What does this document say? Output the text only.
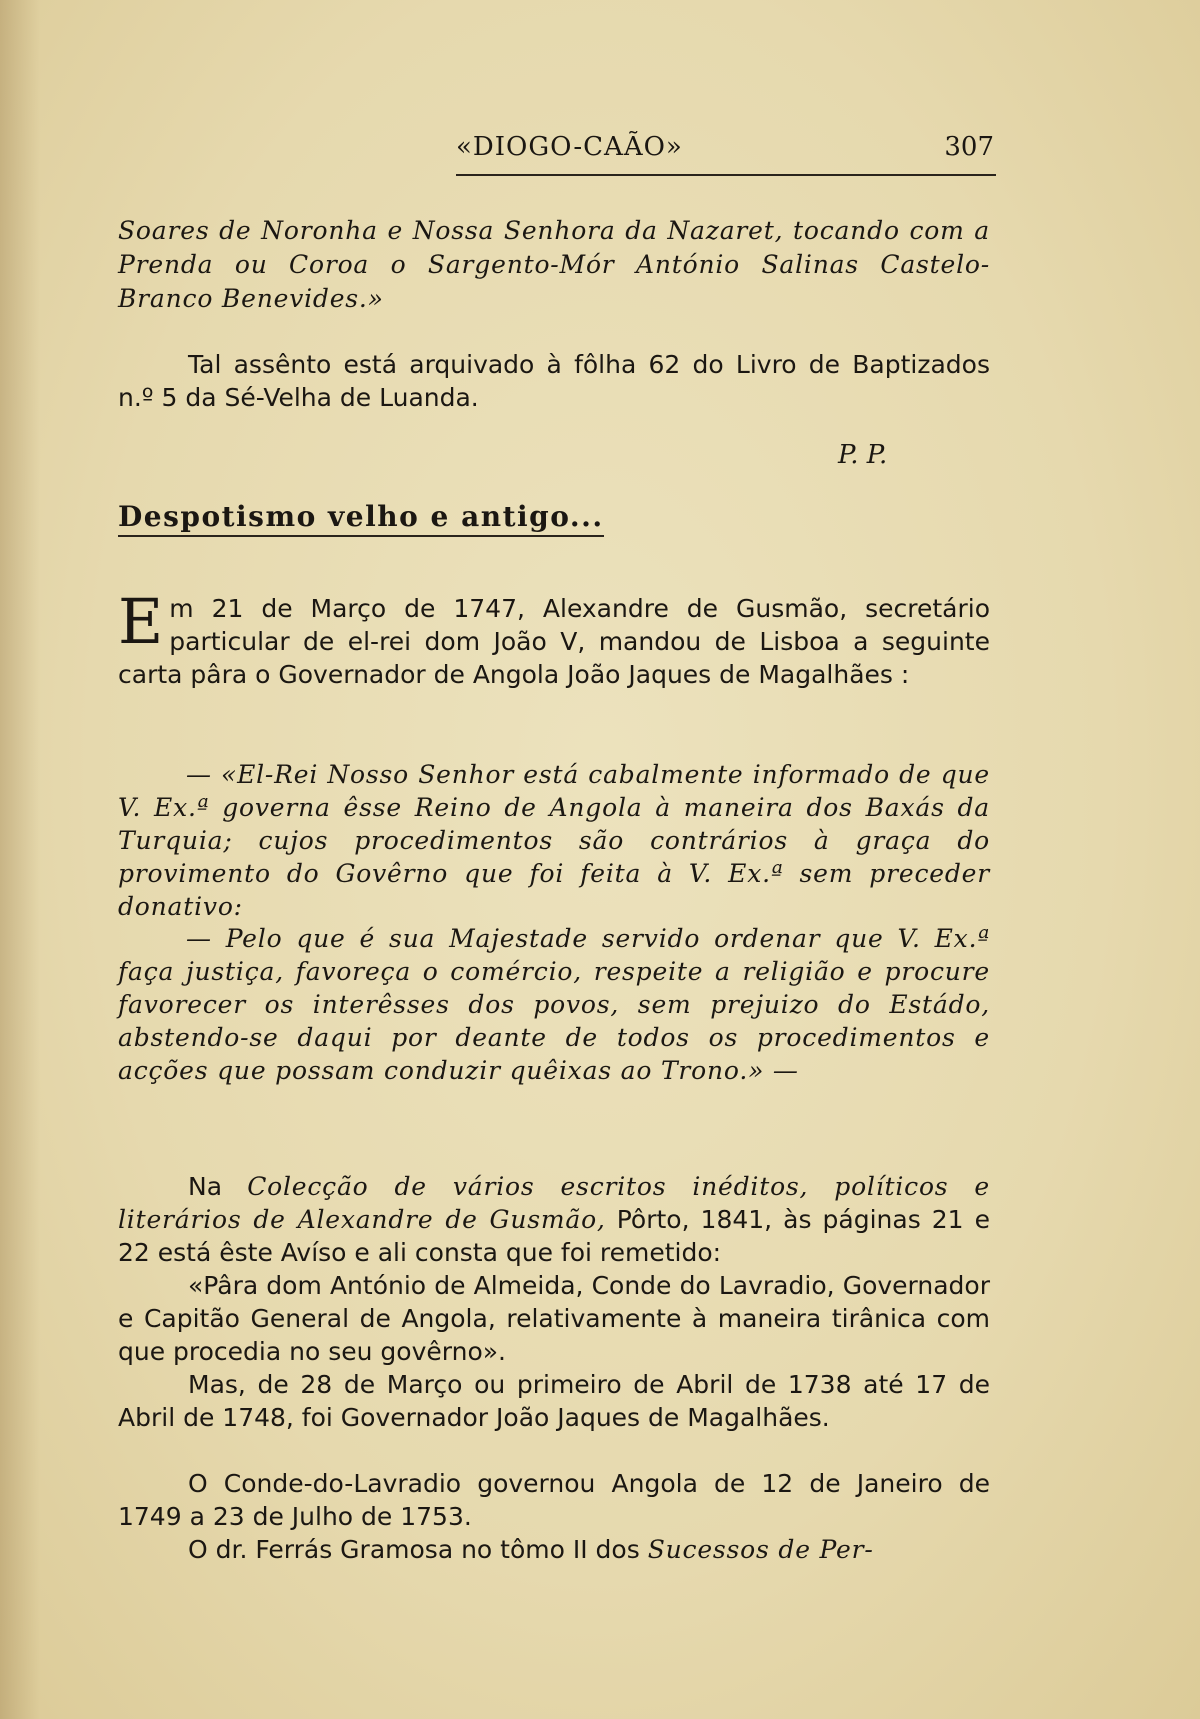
«DIOGO-CAÃO»	307

Soares de Noronha e Nossa Senhora da Nazaret, tocando com a Prenda ou Coroa o Sargento-Mór António Salinas Castelo-Branco Benevides.»

Tal assênto está arquivado à fôlha 62 do Livro de Baptizados n.º 5 da Sé-Velha de Luanda.

P. P.
Despotismo velho e antigo...

Em 21 de Março de 1747, Alexandre de Gusmão, secretário particular de el-rei dom João V, mandou de Lisboa a seguinte carta pâra o Governador de Angola João Jaques de Magalhães :

— «El-Rei Nosso Senhor está cabalmente informado de que V. Ex.ª governa êsse Reino de Angola à maneira dos Baxás da Turquia; cujos procedimentos são contrários à graça do provimento do Govêrno que foi feita à V. Ex.ª sem preceder donativo:

— Pelo que é sua Majestade servido ordenar que V. Ex.ª faça justiça, favoreça o comércio, respeite a religião e procure favorecer os interêsses dos povos, sem prejuizo do Estádo, abstendo-se daqui por deante de todos os procedimentos e acções que possam conduzir quêixas ao Trono.» —

Na Colecção de vários escritos inéditos, políticos e literários de Alexandre de Gusmão, Pôrto, 1841, às páginas 21 e 22 está êste Avíso e ali consta que foi remetido:

«Pâra dom António de Almeida, Conde do Lavradio, Governador e Capitão General de Angola, relativamente à maneira tirânica com que procedia no seu govêrno».

Mas, de 28 de Março ou primeiro de Abril de 1738 até 17 de Abril de 1748, foi Governador João Jaques de Magalhães.

O Conde-do-Lavradio governou Angola de 12 de Janeiro de 1749 a 23 de Julho de 1753.

O dr. Ferrás Gramosa no tômo II dos Sucessos de Per-
